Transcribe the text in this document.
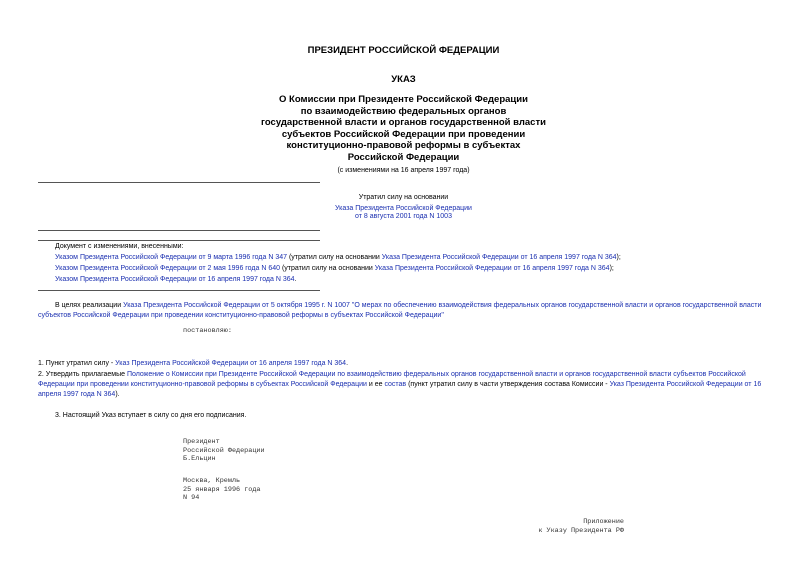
ПРЕЗИДЕНТ РОССИЙСКОЙ ФЕДЕРАЦИИ
УКАЗ
О Комиссии при Президенте Российской Федерации
по взаимодействию федеральных органов
государственной власти и органов государственной власти
субъектов Российской Федерации при проведении
конституционно-правовой реформы в субъектах
Российской Федерации
(с изменениями на 16 апреля 1997 года)
Утратил силу на основании
Указа Президента Российской Федерации
от 8 августа 2001 года N 1003
Документ с изменениями, внесенными:
Указом Президента Российской Федерации от 9 марта 1996 года N 347 (утратил силу на основании Указа Президента Российской Федерации от 16 апреля 1997 года N 364);
Указом Президента Российской Федерации от 2 мая 1996 года N 640 (утратил силу на основании Указа Президента Российской Федерации от 16 апреля 1997 года N 364);
Указом Президента Российской Федерации от 16 апреля 1997 года N 364.
В целях реализации Указа Президента Российской Федерации от 5 октября 1995 г. N 1007 "О мерах по обеспечению взаимодействия федеральных органов государственной власти и органов государственной власти субъектов Российской Федерации при проведении конституционно-правовой реформы в субъектах Российской Федерации"
постановляю:
1. Пункт утратил силу - Указ Президента Российской Федерации от 16 апреля 1997 года N 364.
2. Утвердить прилагаемые Положение о Комиссии при Президенте Российской Федерации по взаимодействию федеральных органов государственной власти и органов государственной власти субъектов Российской Федерации при проведении конституционно-правовой реформы в субъектах Российской Федерации и ее состав (пункт утратил силу в части утверждения состава Комиссии - Указ Президента Российской Федерации от 16 апреля 1997 года N 364).
3. Настоящий Указ вступает в силу со дня его подписания.
Президент
Российской Федерации
Б.Ельцин
Москва, Кремль
25 января 1996 года
N 94
Приложение
к Указу Президента РФ
